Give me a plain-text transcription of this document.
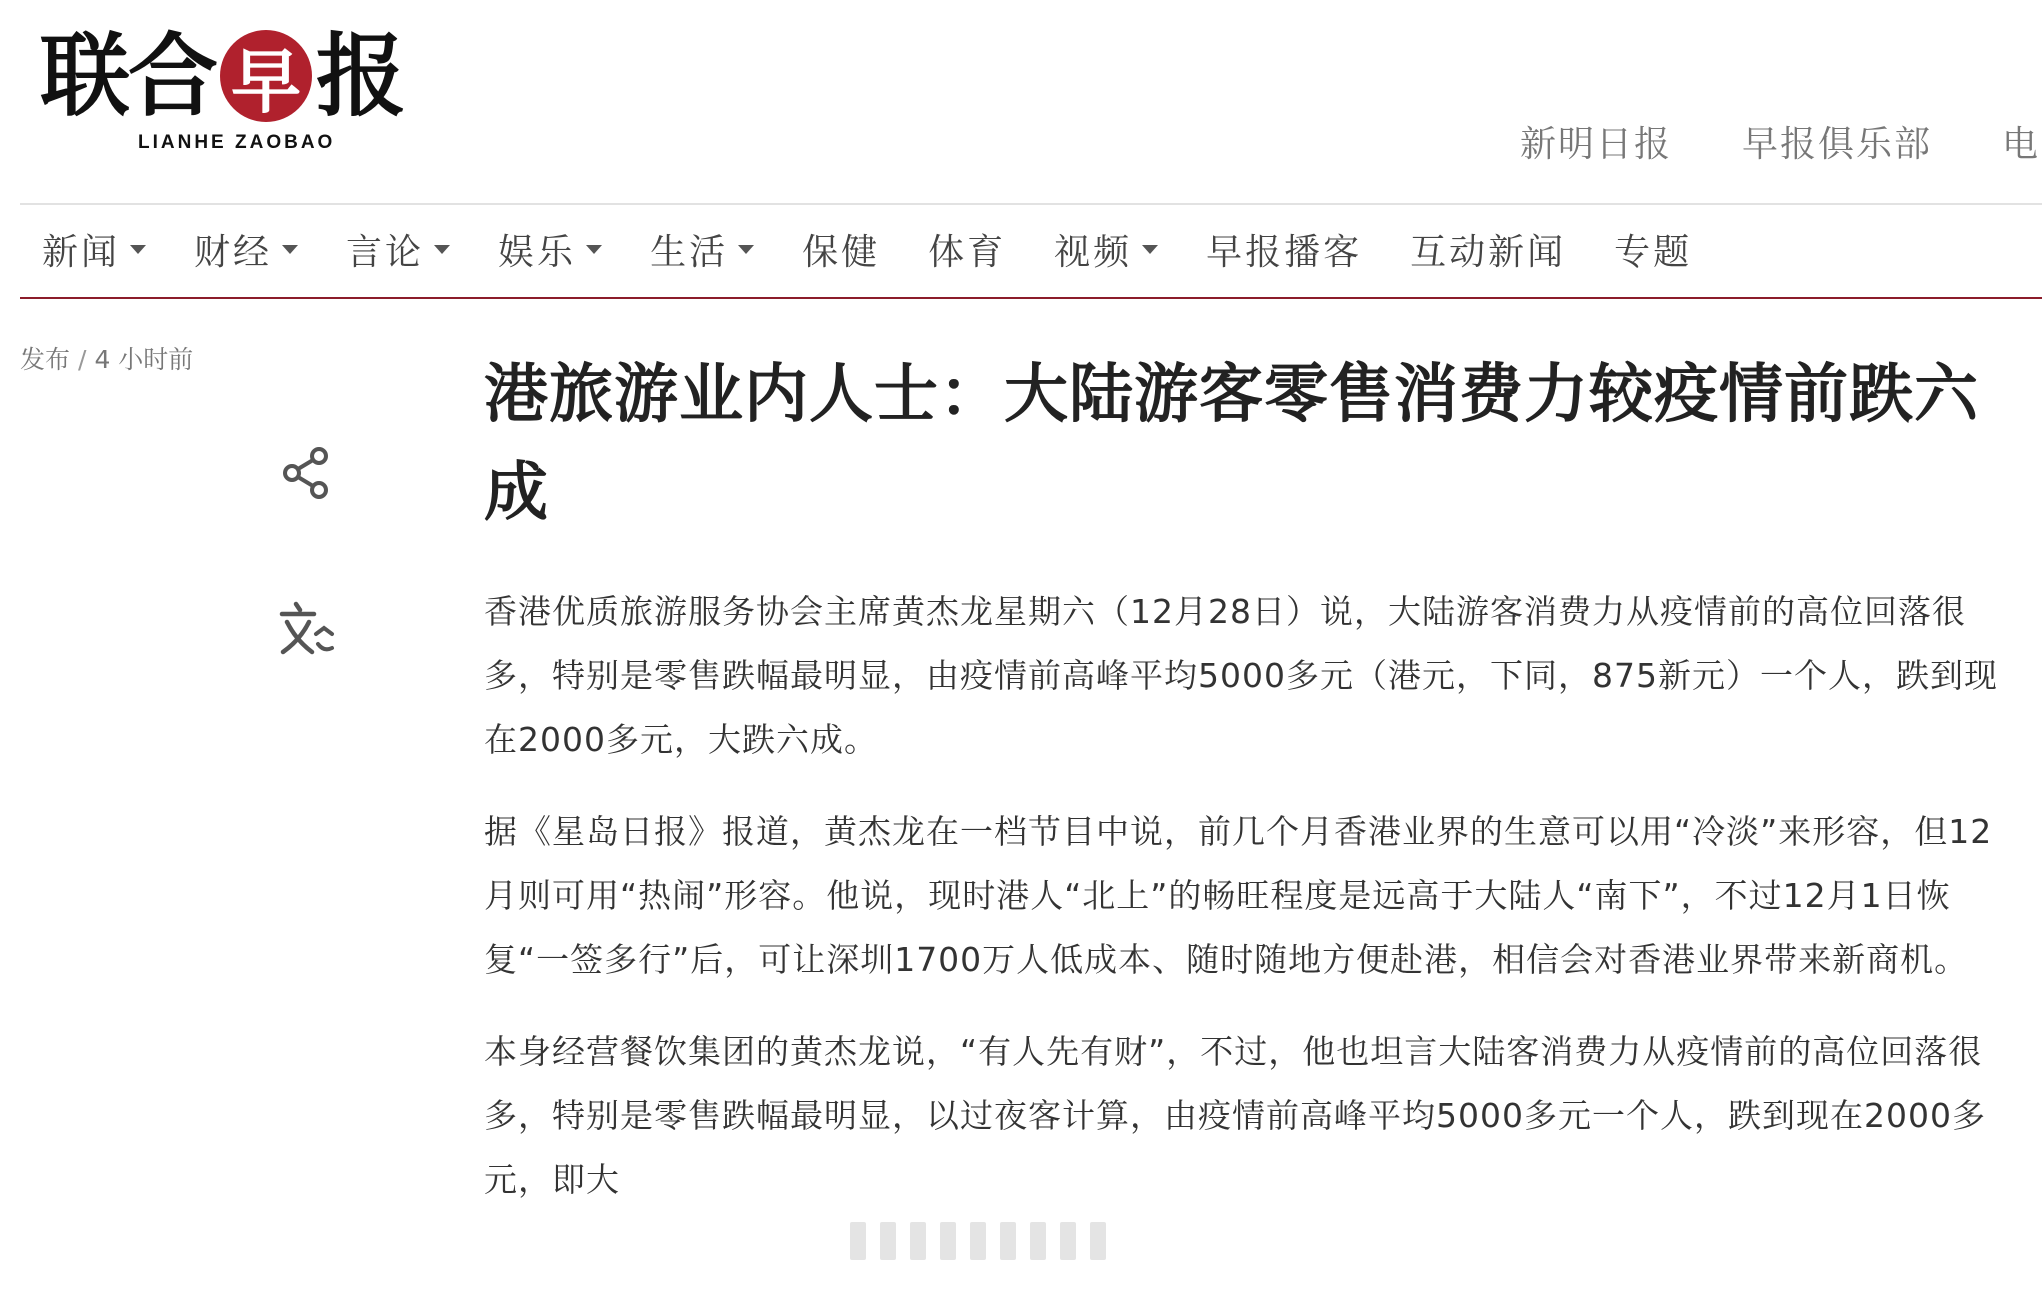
联 合 早 报
LIANHE ZAOBAO	新明日报 早报俱乐部 电
新闻 财经 言论 娱乐 生活 保健 体育 视频 早报播客 互动新闻 专题
发布 / 4 小时前	港旅游业内人士：大陆游客零售消费力较疫情前跌六成

香港优质旅游服务协会主席黄杰龙星期六（12月28日）说，大陆游客消费力从疫情前的高位回落很多，特别是零售跌幅最明显，由疫情前高峰平均5000多元（港元，下同，875新元）一个人，跌到现在2000多元，大跌六成。

据《星岛日报》报道，黄杰龙在一档节目中说，前几个月香港业界的生意可以用“冷淡”来形容，但12月则可用“热闹”形容。他说，现时港人“北上”的畅旺程度是远高于大陆人“南下”，不过12月1日恢复“一签多行”后，可让深圳1700万人低成本、随时随地方便赴港，相信会对香港业界带来新商机。

本身经营餐饮集团的黄杰龙说，“有人先有财”，不过，他也坦言大陆客消费力从疫情前的高位回落很多，特别是零售跌幅最明显，以过夜客计算，由疫情前高峰平均5000多元一个人，跌到现在2000多元，即大
